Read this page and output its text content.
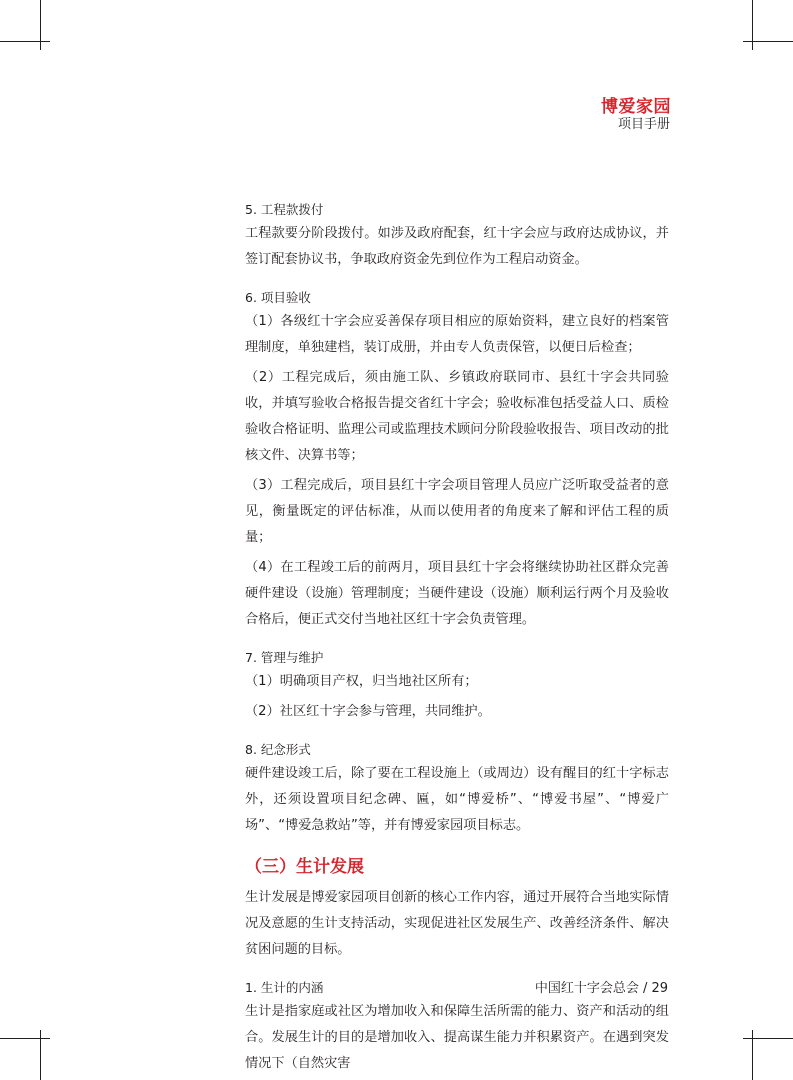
博爱家园
项目手册

5. 工程款拨付

工程款要分阶段拨付。如涉及政府配套，红十字会应与政府达成协议，并签订配套协议书，争取政府资金先到位作为工程启动资金。

6. 项目验收

（1）各级红十字会应妥善保存项目相应的原始资料，建立良好的档案管理制度，单独建档，装订成册，并由专人负责保管，以便日后检查；

（2）工程完成后，须由施工队、乡镇政府联同市、县红十字会共同验收，并填写验收合格报告提交省红十字会；验收标准包括受益人口、质检验收合格证明、监理公司或监理技术顾问分阶段验收报告、项目改动的批核文件、决算书等；

（3）工程完成后，项目县红十字会项目管理人员应广泛听取受益者的意见，衡量既定的评估标准，从而以使用者的角度来了解和评估工程的质量；

（4）在工程竣工后的前两月，项目县红十字会将继续协助社区群众完善硬件建设（设施）管理制度；当硬件建设（设施）顺利运行两个月及验收合格后，便正式交付当地社区红十字会负责管理。

7. 管理与维护

（1）明确项目产权，归当地社区所有；

（2）社区红十字会参与管理，共同维护。

8. 纪念形式

硬件建设竣工后，除了要在工程设施上（或周边）设有醒目的红十字标志外，还须设置项目纪念碑、匾，如“博爱桥”、“博爱书屋”、“博爱广场”、“博爱急救站”等，并有博爱家园项目标志。

（三）生计发展

生计发展是博爱家园项目创新的核心工作内容，通过开展符合当地实际情况及意愿的生计支持活动，实现促进社区发展生产、改善经济条件、解决贫困问题的目标。

1. 生计的内涵

生计是指家庭或社区为增加收入和保障生活所需的能力、资产和活动的组合。发展生计的目的是增加收入、提高谋生能力并积累资产。在遇到突发情况下（自然灾害

中国红十字会总会 / 29
